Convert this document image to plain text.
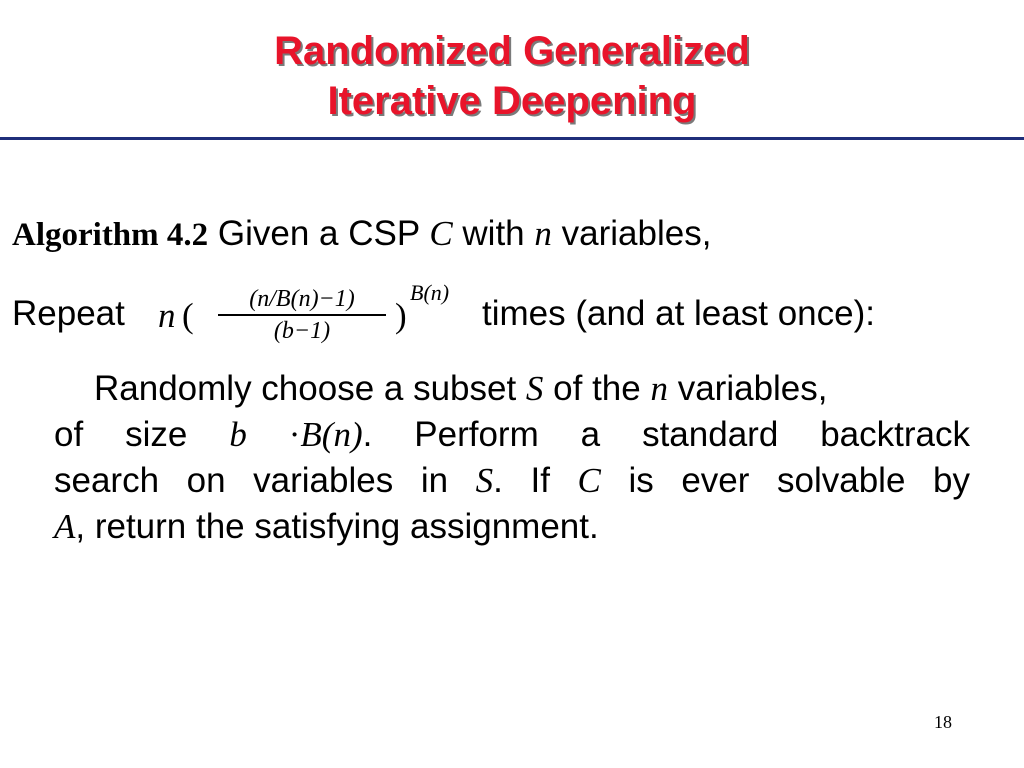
Randomized Generalized
Iterative Deepening
Algorithm 4.2 Given a CSP C with n variables,
Repeat n (	(n/B(n)−1)
(b−1)	)
B(n)
times (and at least once):
Randomly choose a subset S of the n variables,
of size b ·B(n). Perform a standard backtrack
search on variables in S. If C is ever solvable by
A, return the satisfying assignment.
18
